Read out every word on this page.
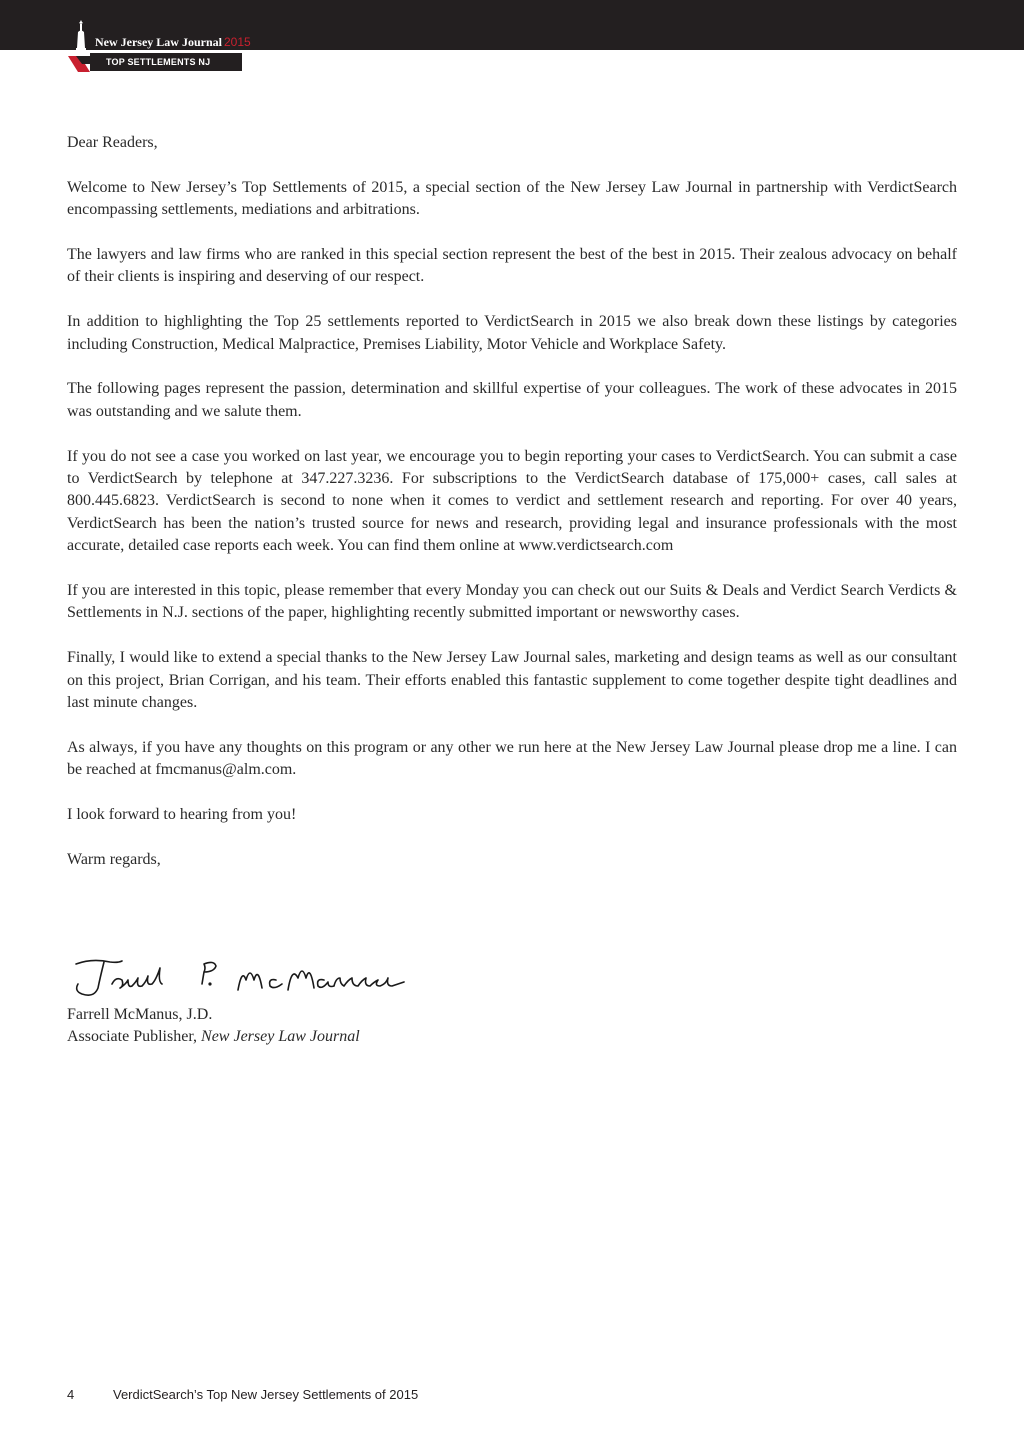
New Jersey Law Journal 2015
TOP SETTLEMENTS NJ

Dear Readers,

Welcome to New Jersey’s Top Settlements of 2015, a special section of the New Jersey Law Journal in partnership with VerdictSearch encompassing settlements, mediations and arbitrations.

The lawyers and law firms who are ranked in this special section represent the best of the best in 2015. Their zealous advocacy on behalf of their clients is inspiring and deserving of our respect.

In addition to highlighting the Top 25 settlements reported to VerdictSearch in 2015 we also break down these listings by categories including Construction, Medical Malpractice, Premises Liability, Motor Vehicle and Workplace Safety.

The following pages represent the passion, determination and skillful expertise of your colleagues. The work of these advocates in 2015 was outstanding and we salute them.

If you do not see a case you worked on last year, we encourage you to begin reporting your cases to VerdictSearch. You can submit a case to VerdictSearch by telephone at 347.227.3236. For subscriptions to the VerdictSearch database of 175,000+ cases, call sales at 800.445.6823. VerdictSearch is second to none when it comes to verdict and settlement research and reporting. For over 40 years, VerdictSearch has been the nation’s trusted source for news and research, providing legal and insurance professionals with the most accurate, detailed case reports each week. You can find them online at www.verdictsearch.com

If you are interested in this topic, please remember that every Monday you can check out our Suits & Deals and Verdict Search Verdicts & Settlements in N.J. sections of the paper, highlighting recently submitted important or newsworthy cases.

Finally, I would like to extend a special thanks to the New Jersey Law Journal sales, marketing and design teams as well as our consultant on this project, Brian Corrigan, and his team. Their efforts enabled this fantastic supplement to come together despite tight deadlines and last minute changes.

As always, if you have any thoughts on this program or any other we run here at the New Jersey Law Journal please drop me a line. I can be reached at fmcmanus@alm.com.

I look forward to hearing from you!

Warm regards,

Farrell McManus, J.D.
Associate Publisher, New Jersey Law Journal
4	VerdictSearch’s Top New Jersey Settlements of 2015
